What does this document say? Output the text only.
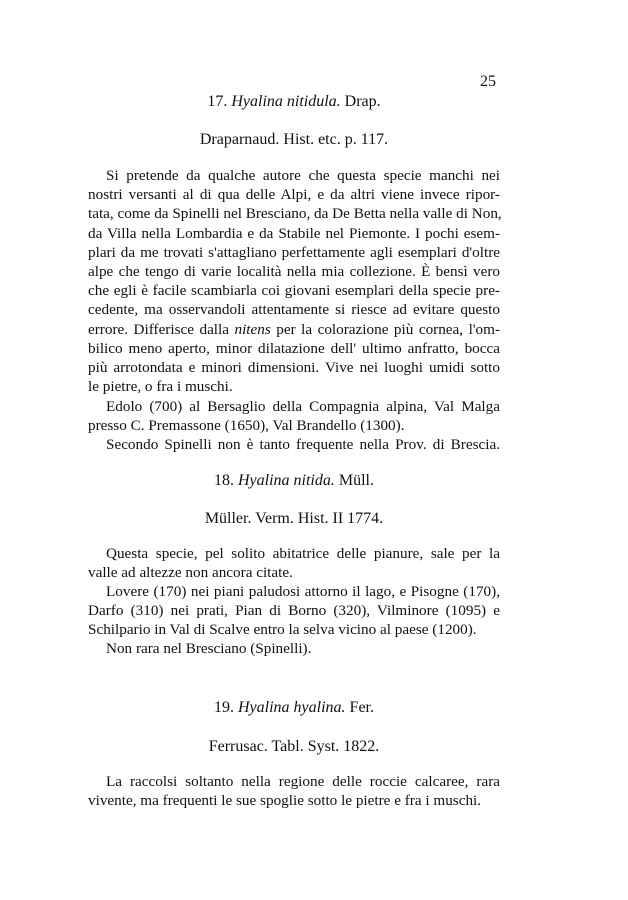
25
17. Hyalina nitidula. Drap.
Draparnaud. Hist. etc. p. 117.
Si pretende da qualche autore che questa specie manchi nei
nostri versanti al di qua delle Alpi, e da altri viene invece ripor-
tata, come da Spinelli nel Bresciano, da De Betta nella valle di Non,
da Villa nella Lombardia e da Stabile nel Piemonte. I pochi esem-
plari da me trovati s'attagliano perfettamente agli esemplari d'oltre
alpe che tengo di varie località nella mia collezione. È bensì vero
che egli è facile scambiarla coi giovani esemplari della specie pre-
cedente, ma osservandoli attentamente si riesce ad evitare questo
errore. Differisce dalla nitens per la colorazione più cornea, l'om-
bilico meno aperto, minor dilatazione dell' ultimo anfratto, bocca
più arrotondata e minori dimensioni. Vive nei luoghi umidi sotto
le pietre, o fra i muschi.
Edolo (700) al Bersaglio della Compagnia alpina, Val Malga
presso C. Premassone (1650), Val Brandello (1300).
Secondo Spinelli non è tanto frequente nella Prov. di Brescia.
18. Hyalina nitida. Müll.
Müller. Verm. Hist. II 1774.
Questa specie, pel solito abitatrice delle pianure, sale per la
valle ad altezze non ancora citate.
Lovere (170) nei piani paludosi attorno il lago, e Pisogne (170),
Darfo (310) nei prati, Pian di Borno (320), Vilminore (1095) e
Schilpario in Val di Scalve entro la selva vicino al paese (1200).
Non rara nel Bresciano (Spinelli).
19. Hyalina hyalina. Fer.
Ferrusac. Tabl. Syst. 1822.
La raccolsi soltanto nella regione delle roccie calcaree, rara
vivente, ma frequenti le sue spoglie sotto le pietre e fra i muschi.
